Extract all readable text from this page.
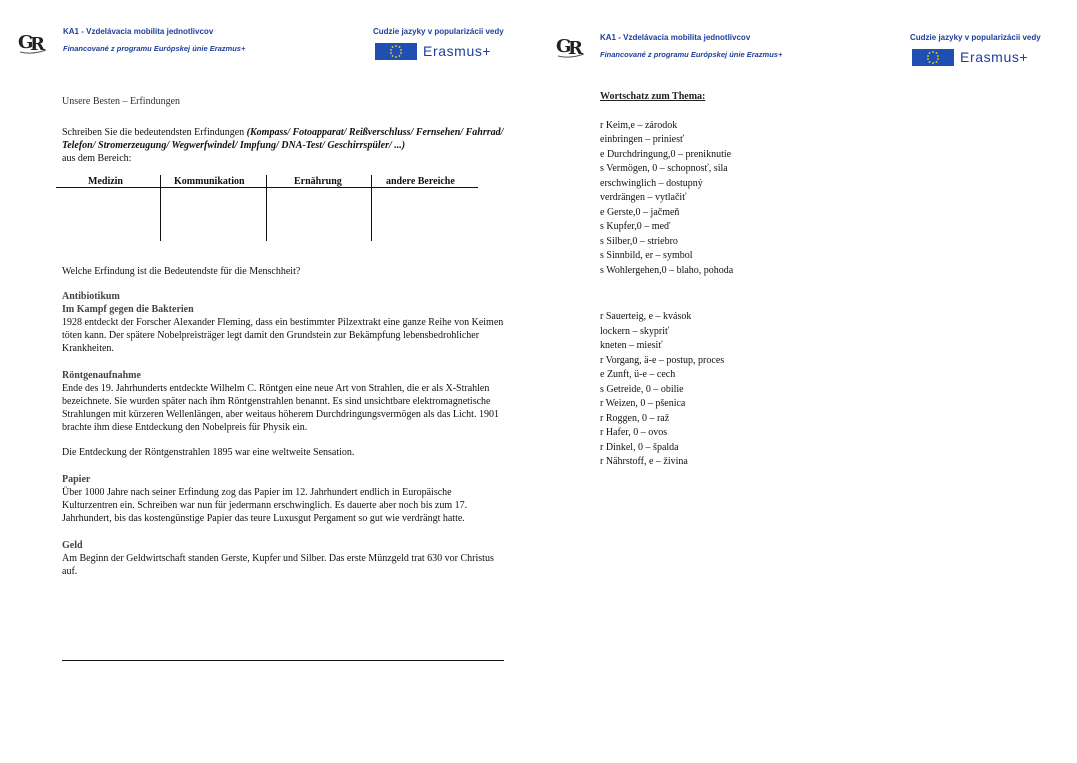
G
R
KA1 - Vzdelávacia mobilita jednotlivcov
Financované z programu Európskej únie Erazmus+
Cudzie jazyky v popularizácii vedy
Erasmus+
Unsere Besten – Erfindungen

Schreiben Sie die bedeutendsten Erfindungen (Kompass/ Fotoapparat/ Reißverschluss/ Fernsehen/ Fahrrad/ Telefon/ Stromerzeugung/ Wegwerfwindel/ Impfung/ DNA-Test/ Geschirrspüler/ ...)
aus dem Bereich:

Medizin	Kommunikation	Ernährung	andere Bereiche

Welche Erfindung ist die Bedeutendste für die Menschheit?

Antibiotikum

Im Kampf gegen die Bakterien

1928 entdeckt der Forscher Alexander Fleming, dass ein bestimmter Pilzextrakt eine ganze Reihe von Keimen töten kann. Der spätere Nobelpreisträger legt damit den Grundstein zur Bekämpfung lebensbedrohlicher Krankheiten.

Röntgenaufnahme

Ende des 19. Jahrhunderts entdeckte Wilhelm C. Röntgen eine neue Art von Strahlen, die er als X-Strahlen bezeichnete. Sie wurden später nach ihm Röntgenstrahlen benannt. Es sind unsichtbare elektromagnetische Strahlungen mit kürzeren Wellenlängen, aber weitaus höherem Durchdringungsvermögen als das Licht. 1901 brachte ihm diese Entdeckung den Nobelpreis für Physik ein.

Die Entdeckung der Röntgenstrahlen 1895 war eine weltweite Sensation.

Papier

Über 1000 Jahre nach seiner Erfindung zog das Papier im 12. Jahrhundert endlich in Europäische Kulturzentren ein. Schreiben war nun für jedermann erschwinglich. Es dauerte aber noch bis zum 17. Jahrhundert, bis das kostengünstige Papier das teure Luxusgut Pergament so gut wie verdrängt hatte.

Geld

Am Beginn der Geldwirtschaft standen Gerste, Kupfer und Silber. Das erste Münzgeld trat 630 vor Christus auf.

G
R
KA1 - Vzdelávacia mobilita jednotlivcov
Financované z programu Európskej únie Erazmus+
Cudzie jazyky v popularizácii vedy
Erasmus+

Wortschatz zum Thema:

r Keim,e – zárodok
einbringen – priniesť
e Durchdringung,0 – preniknutie
s Vermögen, 0 – schopnosť, sila
erschwinglich – dostupný
verdrängen – vytlačiť
e Gerste,0 – jačmeň
s Kupfer,0 – meď
s Silber,0 – striebro
s Sinnbild, er – symbol
s Wohlergehen,0 – blaho, pohoda
r Sauerteig, e – kvások
lockern – skypriť
kneten – miesiť
r Vorgang, ä-e – postup, proces
e Zunft, ü-e – cech
s Getreide, 0 – obilie
r Weizen, 0 – pšenica
r Roggen, 0 – raž
r Hafer, 0 – ovos
r Dinkel, 0 – špalda
r Nährstoff, e – živina
